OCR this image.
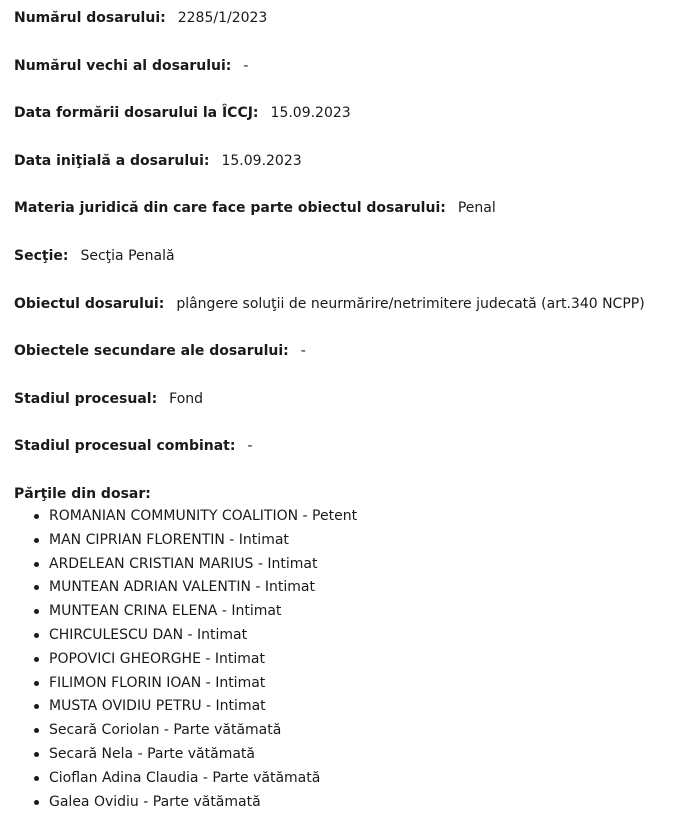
Numărul dosarului: 2285/1/2023
Numărul vechi al dosarului: -
Data formării dosarului la ÎCCJ: 15.09.2023
Data iniţială a dosarului: 15.09.2023
Materia juridică din care face parte obiectul dosarului: Penal
Secţie: Secţia Penală
Obiectul dosarului: plângere soluţii de neurmărire/netrimitere judecată (art.340 NCPP)
Obiectele secundare ale dosarului: -
Stadiul procesual: Fond
Stadiul procesual combinat: -
Părţile din dosar:
ROMANIAN COMMUNITY COALITION - Petent
MAN CIPRIAN FLORENTIN - Intimat
ARDELEAN CRISTIAN MARIUS - Intimat
MUNTEAN ADRIAN VALENTIN - Intimat
MUNTEAN CRINA ELENA - Intimat
CHIRCULESCU DAN - Intimat
POPOVICI GHEORGHE - Intimat
FILIMON FLORIN IOAN - Intimat
MUSTA OVIDIU PETRU - Intimat
Secară Coriolan - Parte vătămată
Secară Nela - Parte vătămată
Cioflan Adina Claudia - Parte vătămată
Galea Ovidiu - Parte vătămată
